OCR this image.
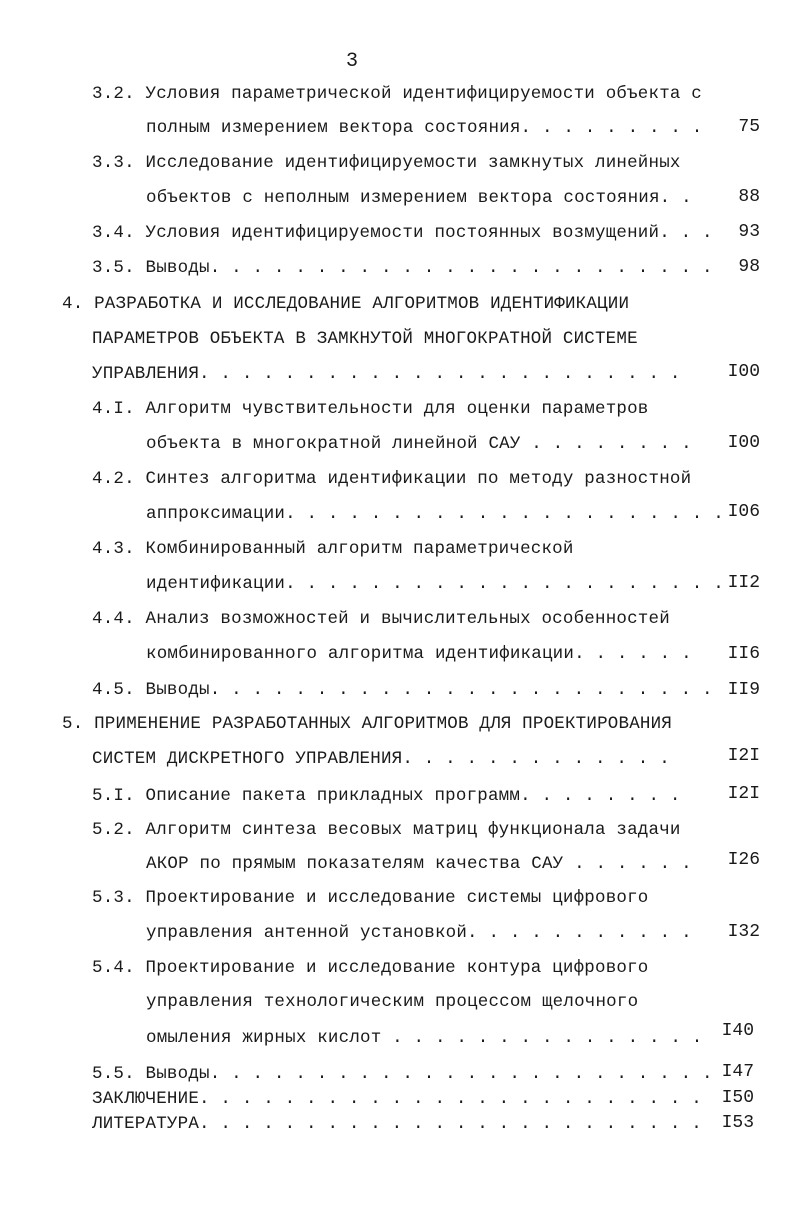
3
3.2. Условия параметрической идентифицируемости объекта с
полным измерением вектора состояния. . . . . . . . .	75
3.3. Исследование идентифицируемости замкнутых линейных
объектов с неполным измерением вектора состояния. .	88
3.4. Условия идентифицируемости постоянных возмущений. . .	93
3.5. Выводы. . . . . . . . . . . . . . . . . . . . . . . .	98
4. РАЗРАБОТКА И ИССЛЕДОВАНИЕ АЛГОРИТМОВ ИДЕНТИФИКАЦИИ
ПАРАМЕТРОВ ОБЪЕКТА В ЗАМКНУТОЙ МНОГОКРАТНОЙ СИСТЕМЕ
УПРАВЛЕНИЯ. . . . . . . . . . . . . . . . . . . . . . .	I00
4.I. Алгоритм чувствительности для оценки параметров
объекта в многократной линейной САУ . . . . . . . .	I00
4.2. Синтез алгоритма идентификации по методу разностной
аппроксимации. . . . . . . . . . . . . . . . . . . . . I06
4.3. Комбинированный алгоритм параметрической
идентификации. . . . . . . . . . . . . . . . . . . . . II2
4.4. Анализ возможностей и вычислительных особенностей
комбинированного алгоритма идентификации. . . . . .	II6
4.5. Выводы. . . . . . . . . . . . . . . . . . . . . . . . II9
5. ПРИМЕНЕНИЕ РАЗРАБОТАННЫХ АЛГОРИТМОВ ДЛЯ ПРОЕКТИРОВАНИЯ
СИСТЕМ ДИСКРЕТНОГО УПРАВЛЕНИЯ. . . . . . . . . . . . .	I2I
5.I. Описание пакета прикладных программ. . . . . . . .	I2I
5.2. Алгоритм синтеза весовых матриц функционала задачи
АКОР по прямым показателям качества САУ . . . . . .	I26
5.3. Проектирование и исследование системы цифрового
управления антенной установкой. . . . . . . . . . .	I32
5.4. Проектирование и исследование контура цифрового
управления технологическим процессом щелочного
омыления жирных кислот . . . . . . . . . . . . . . .	I40
5.5. Выводы. . . . . . . . . . . . . . . . . . . . . . . . I47
ЗАКЛЮЧЕНИЕ. . . . . . . . . . . . . . . . . . . . . . . .	I50
ЛИТЕРАТУРА. . . . . . . . . . . . . . . . . . . . . . . .	I53
